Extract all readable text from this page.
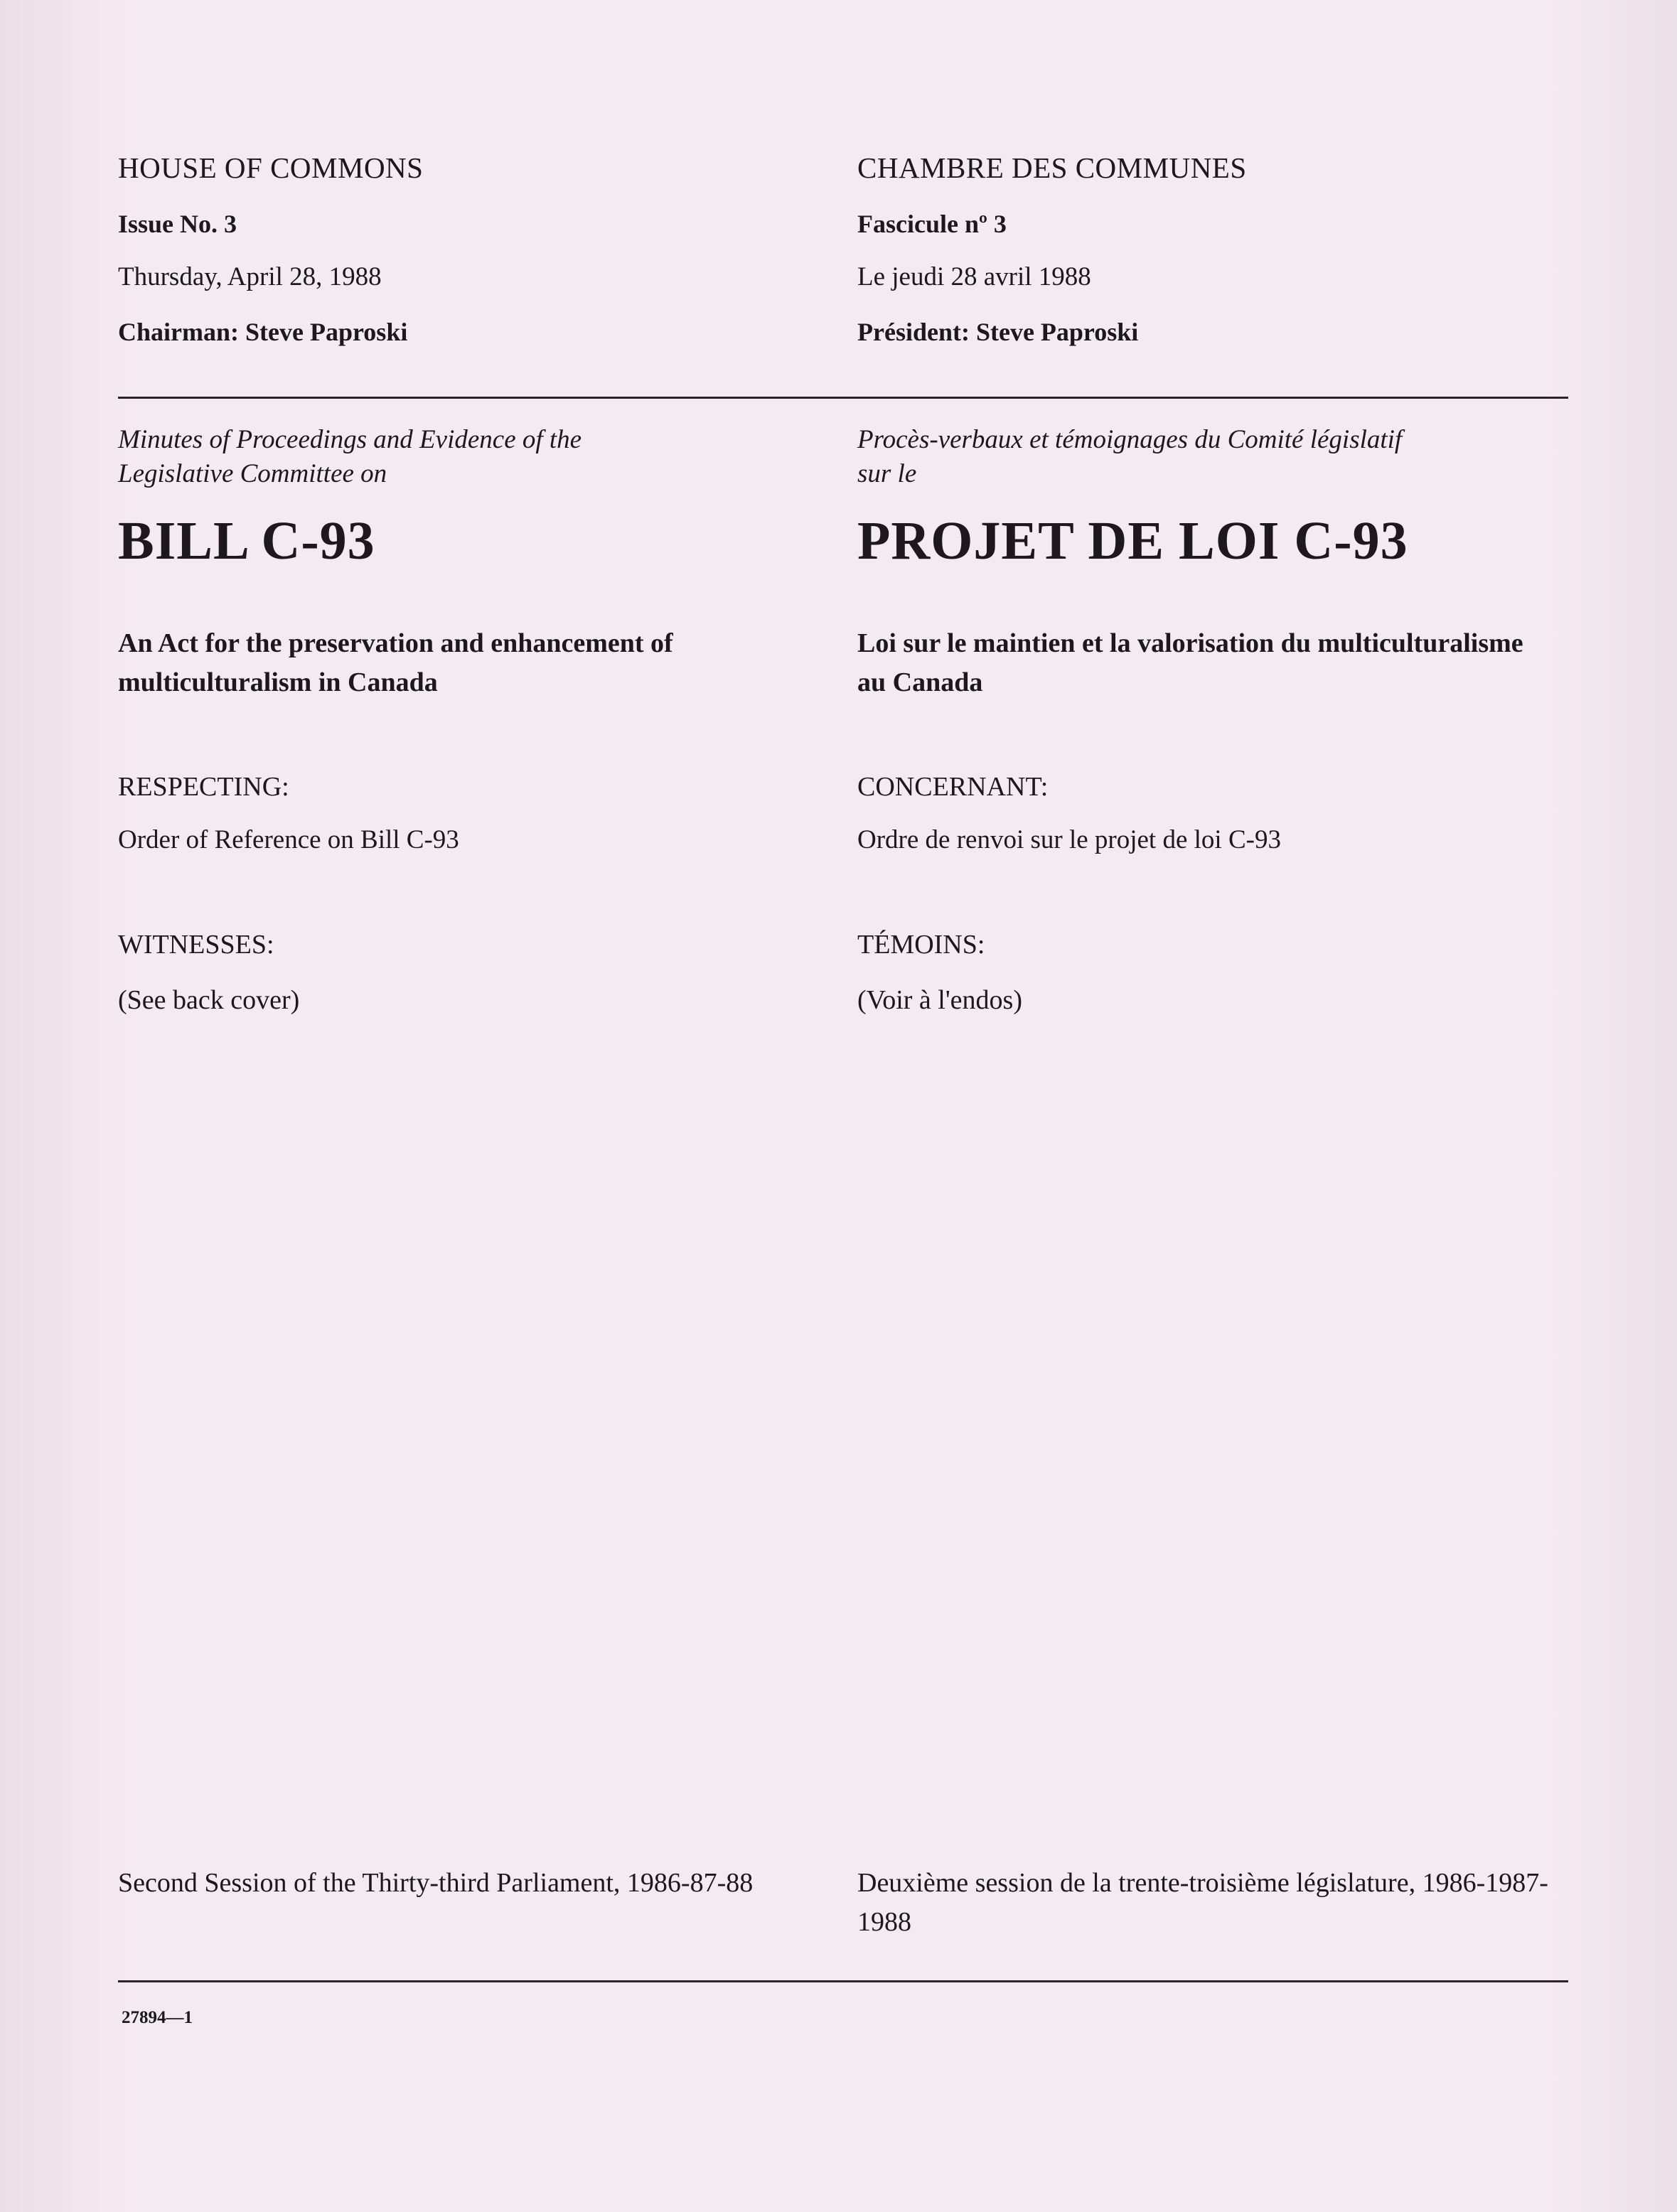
HOUSE OF COMMONS

Issue No. 3

Thursday, April 28, 1988

Chairman: Steve Paproski

Minutes of Proceedings and Evidence of the Legislative Committee on

BILL C-93

An Act for the preservation and enhancement of multiculturalism in Canada

RESPECTING:

Order of Reference on Bill C-93

WITNESSES:

(See back cover)

Second Session of the Thirty-third Parliament, 1986-87-88

27894—1

CHAMBRE DES COMMUNES

Fascicule nº 3

Le jeudi 28 avril 1988

Président: Steve Paproski

Procès-verbaux et témoignages du Comité législatif sur le

PROJET DE LOI C-93

Loi sur le maintien et la valorisation du multiculturalisme au Canada

CONCERNANT:

Ordre de renvoi sur le projet de loi C-93

TÉMOINS:

(Voir à l'endos)

Deuxième session de la trente-troisième législature, 1986-1987-1988
